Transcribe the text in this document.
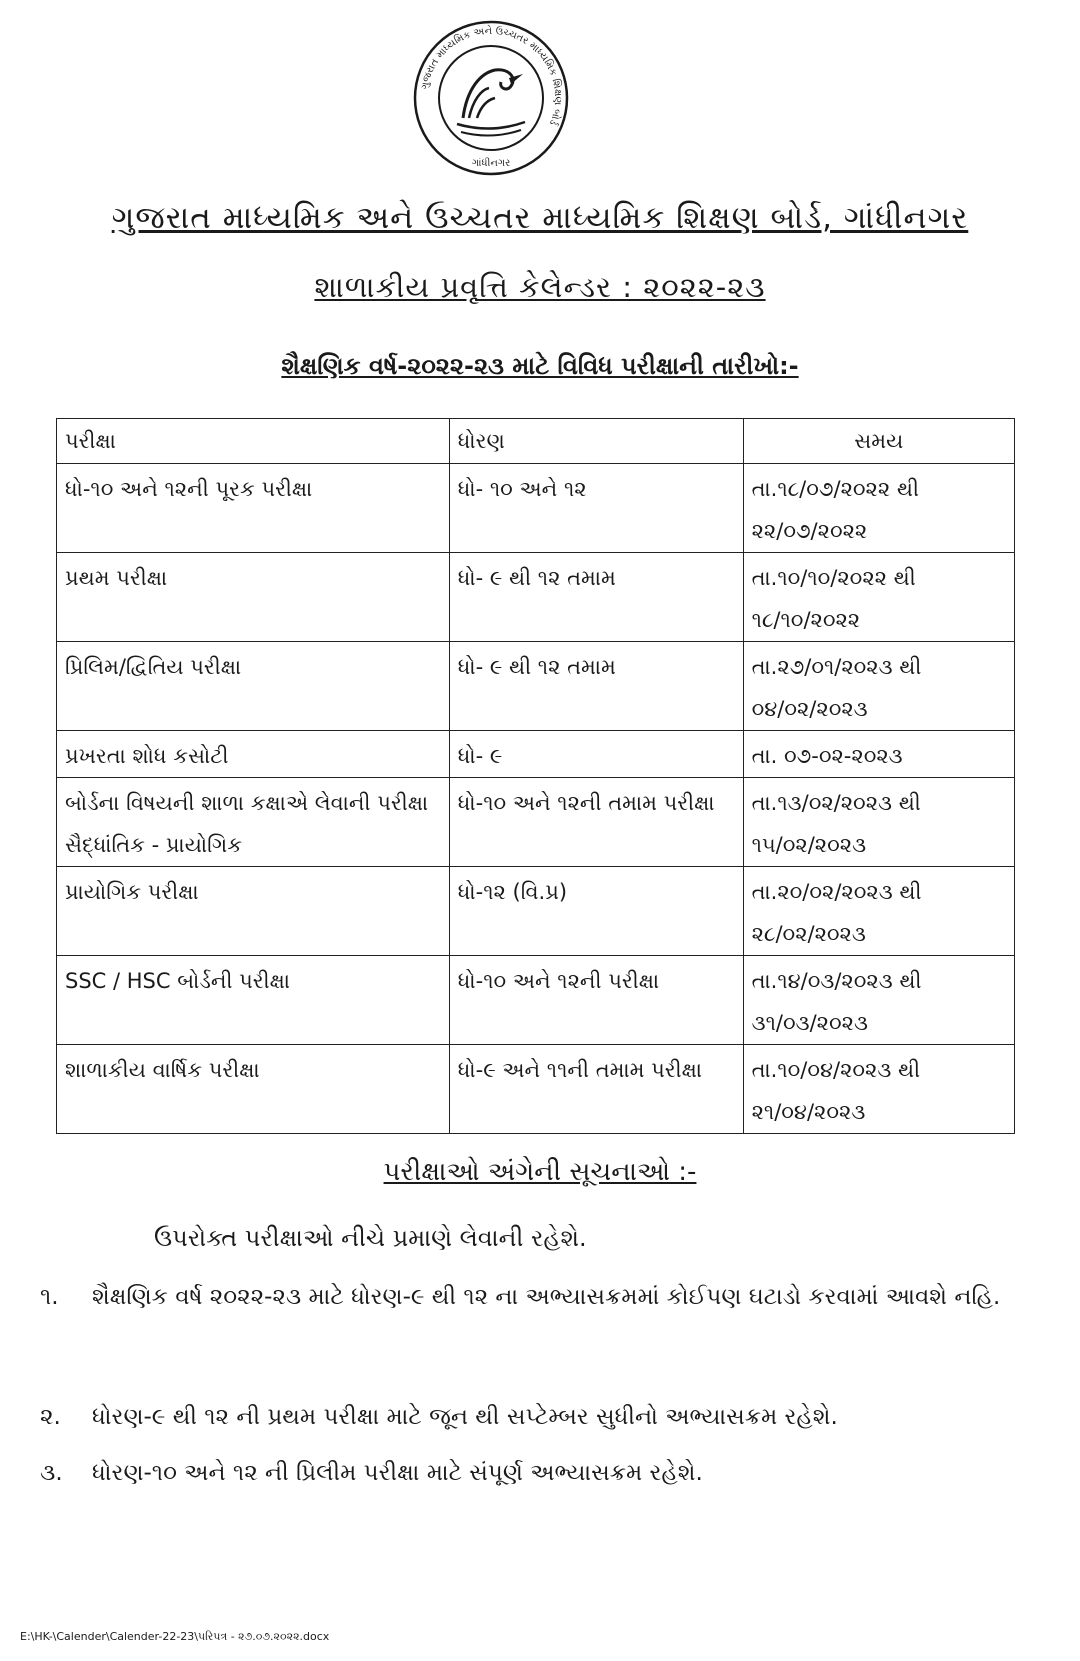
ગુજરાત માધ્યમિક અને ઉચ્ચતર માધ્યમિક શિક્ષણ બોર્ડ
ગાંધીનગર
ગુજરાત માધ્યમિક અને ઉચ્ચતર માધ્યમિક શિક્ષણ બોર્ડ, ગાંધીનગર
શાળાકીય પ્રવૃત્તિ કેલેન્ડર : ૨૦૨૨-૨૩
શૈક્ષણિક વર્ષ-૨૦૨૨-૨૩ માટે વિવિધ પરીક્ષાની તારીખો:-
પરીક્ષા	ધોરણ	સમય
ધો-૧૦ અને ૧૨ની પૂરક પરીક્ષા	ધો- ૧૦ અને ૧૨	તા.૧૮/૦૭/૨૦૨૨ થી
૨૨/૦૭/૨૦૨૨

પ્રથમ પરીક્ષા	ધો- ૯ થી ૧૨ તમામ	તા.૧૦/૧૦/૨૦૨૨ થી
૧૮/૧૦/૨૦૨૨

પ્રિલિમ/દ્વિતિય પરીક્ષા	ધો- ૯ થી ૧૨ તમામ	તા.૨૭/૦૧/૨૦૨૩ થી
૦૪/૦૨/૨૦૨૩

પ્રખરતા શોધ કસોટી	ધો- ૯	તા. ૦૭-૦૨-૨૦૨૩

બોર્ડના વિષયની શાળા કક્ષાએ લેવાની પરીક્ષા સૈદ્ધાંતિક - પ્રાયોગિક	ધો-૧૦ અને ૧૨ની તમામ પરીક્ષા	તા.૧૩/૦૨/૨૦૨૩ થી
૧૫/૦૨/૨૦૨૩

પ્રાયોગિક પરીક્ષા	ધો-૧૨ (વિ.પ્ર)	તા.૨૦/૦૨/૨૦૨૩ થી
૨૮/૦૨/૨૦૨૩

SSC / HSC બોર્ડની પરીક્ષા	ધો-૧૦ અને ૧૨ની પરીક્ષા	તા.૧૪/૦૩/૨૦૨૩ થી
૩૧/૦૩/૨૦૨૩

શાળાકીય વાર્ષિક પરીક્ષા	ધો-૯ અને ૧૧ની તમામ પરીક્ષા	તા.૧૦/૦૪/૨૦૨૩ થી
૨૧/૦૪/૨૦૨૩
પરીક્ષાઓ અંગેની સૂચનાઓ :-
ઉપરોક્ત પરીક્ષાઓ નીચે પ્રમાણે લેવાની રહેશે.
૧. શૈક્ષણિક વર્ષ ૨૦૨૨-૨૩ માટે ધોરણ-૯ થી ૧૨ ના અભ્યાસક્રમમાં કોઈપણ ઘટાડો કરવામાં આવશે નહિ.
૨. ધોરણ-૯ થી ૧૨ ની પ્રથમ પરીક્ષા માટે જૂન થી સપ્ટેમ્બર સુધીનો અભ્યાસક્રમ રહેશે.
૩. ધોરણ-૧૦ અને ૧૨ ની પ્રિલીમ પરીક્ષા માટે સંપૂર્ણ અભ્યાસક્રમ રહેશે.
E:\HK-\Calender\Calender-22-23\પરિપત્ર - ૨૭.૦૭.૨૦૨૨.docx
